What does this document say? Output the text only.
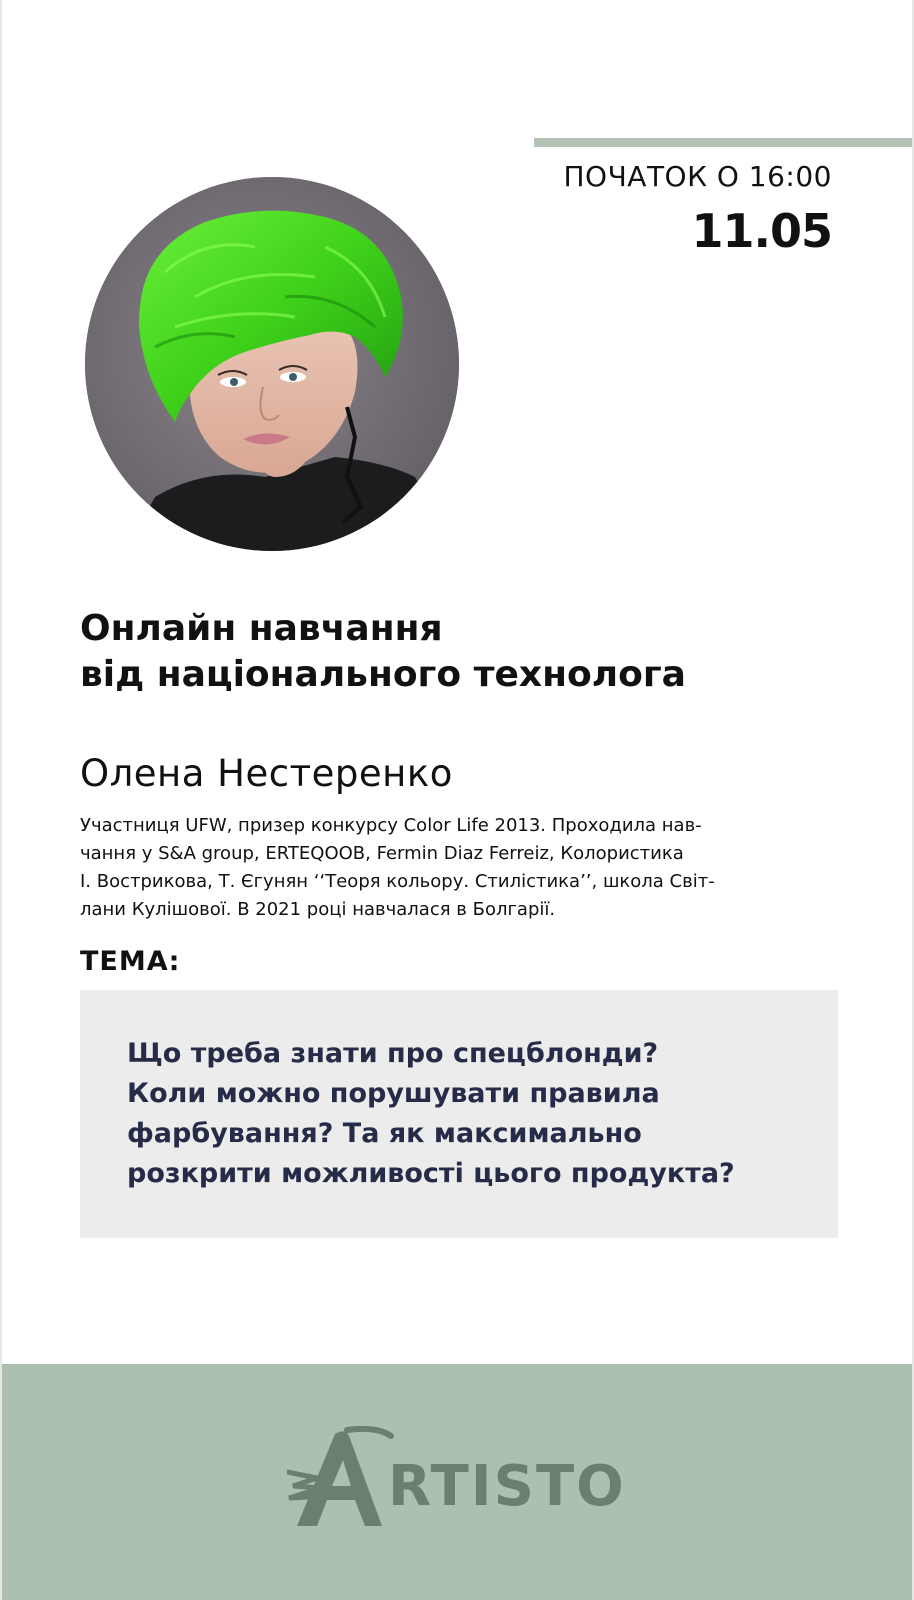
ПОЧАТОК О 16:00
11.05
Онлайн навчання
від національного технолога
Олена Нестеренко
Участниця UFW, призер конкурсу Color Life 2013. Проходила нав-
чання у S&A group, ERTEQOOB, Fermin Diaz Ferreiz, Колористика
І. Вострикова, Т. Єгунян ‘‘Теоря кольору. Стилістика’’, школа Світ-
лани Кулішової. В 2021 році навчалася в Болгарії.
ТЕМА:
Що треба знати про спецблонди?
Коли можно порушувати правила
фарбування? Та як максимально
розкрити можливості цього продукта?
RTISTO
